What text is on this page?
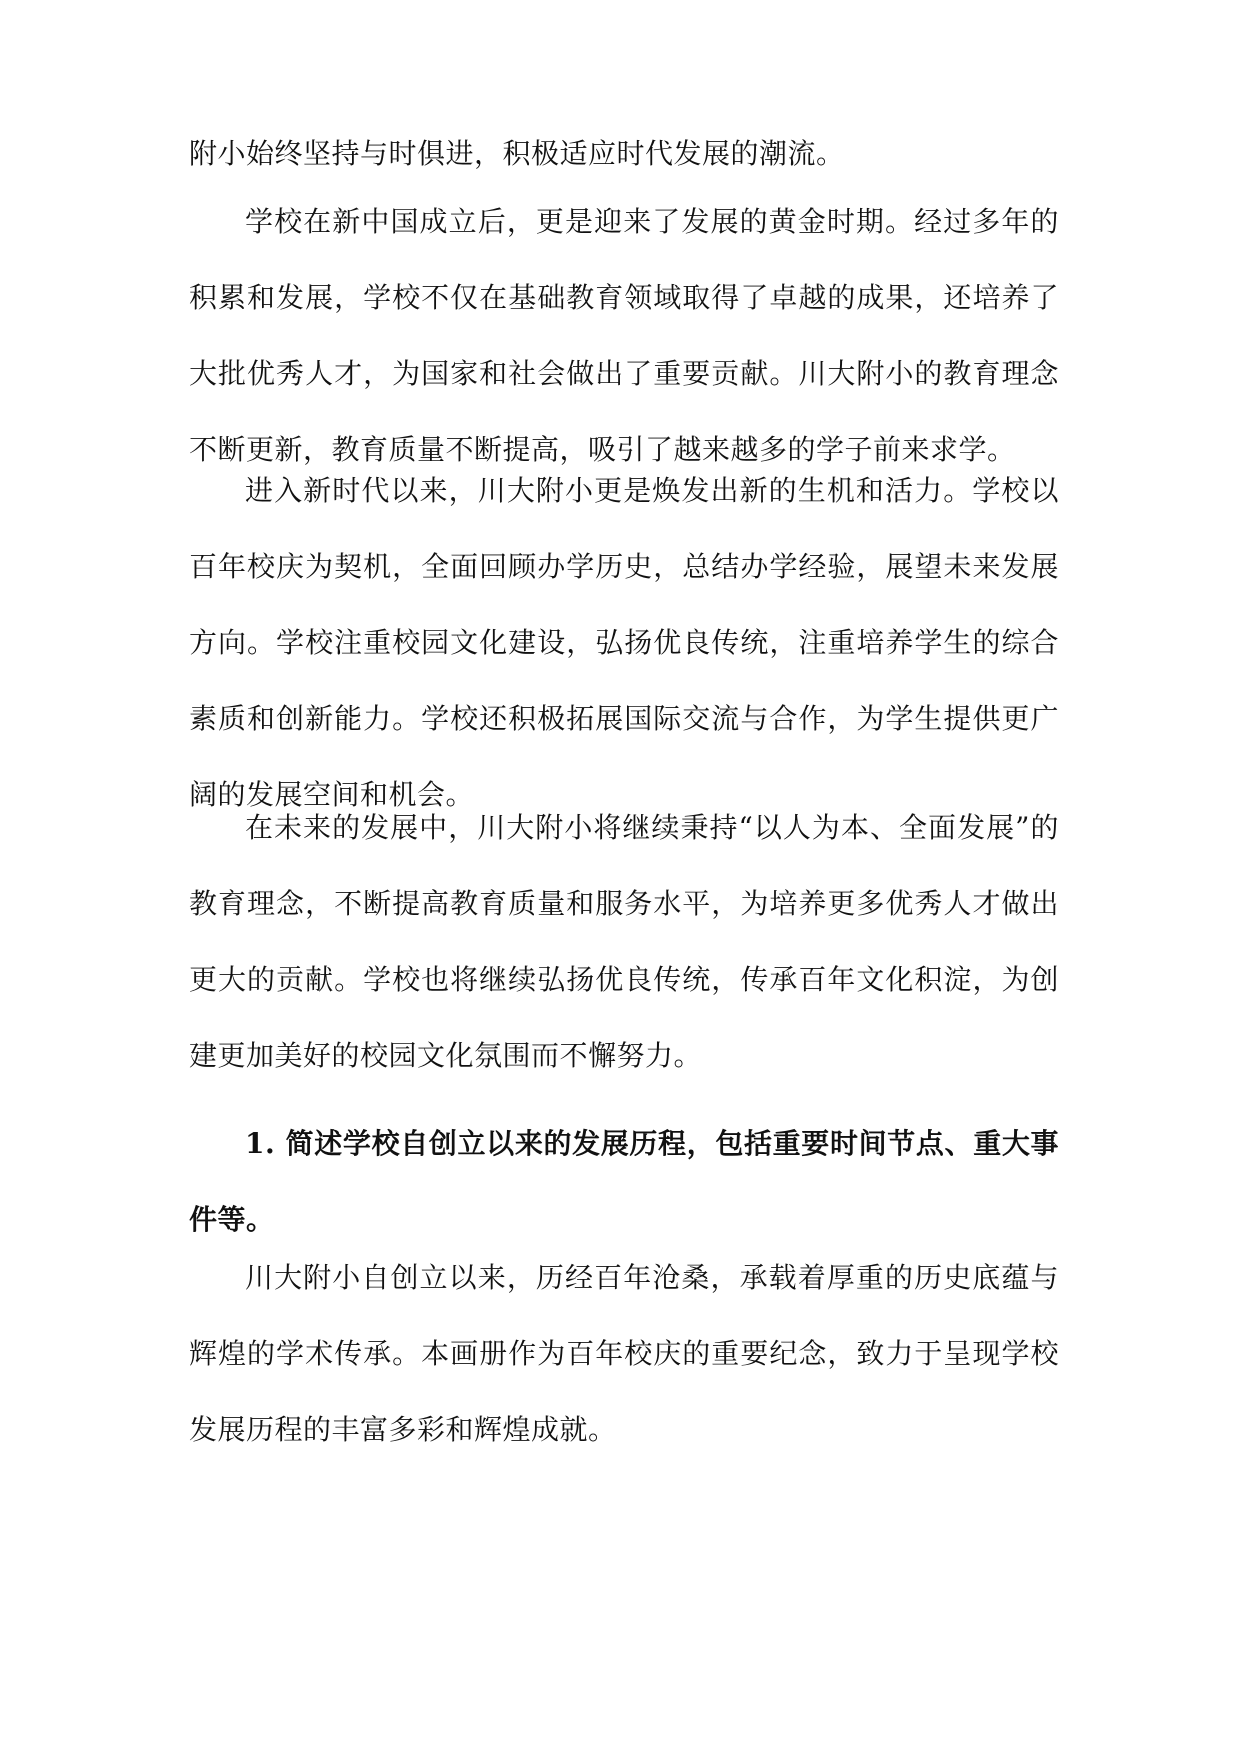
附小始终坚持与时俱进，积极适应时代发展的潮流。

学校在新中国成立后，更是迎来了发展的黄金时期。经过多年的积累和发展，学校不仅在基础教育领域取得了卓越的成果，还培养了大批优秀人才，为国家和社会做出了重要贡献。川大附小的教育理念不断更新，教育质量不断提高，吸引了越来越多的学子前来求学。

进入新时代以来，川大附小更是焕发出新的生机和活力。学校以百年校庆为契机，全面回顾办学历史，总结办学经验，展望未来发展方向。学校注重校园文化建设，弘扬优良传统，注重培养学生的综合素质和创新能力。学校还积极拓展国际交流与合作，为学生提供更广阔的发展空间和机会。

在未来的发展中，川大附小将继续秉持“以人为本、全面发展”的教育理念，不断提高教育质量和服务水平，为培养更多优秀人才做出更大的贡献。学校也将继续弘扬优良传统，传承百年文化积淀，为创建更加美好的校园文化氛围而不懈努力。

1. 简述学校自创立以来的发展历程，包括重要时间节点、重大事件等。

川大附小自创立以来，历经百年沧桑，承载着厚重的历史底蕴与辉煌的学术传承。本画册作为百年校庆的重要纪念，致力于呈现学校发展历程的丰富多彩和辉煌成就。
